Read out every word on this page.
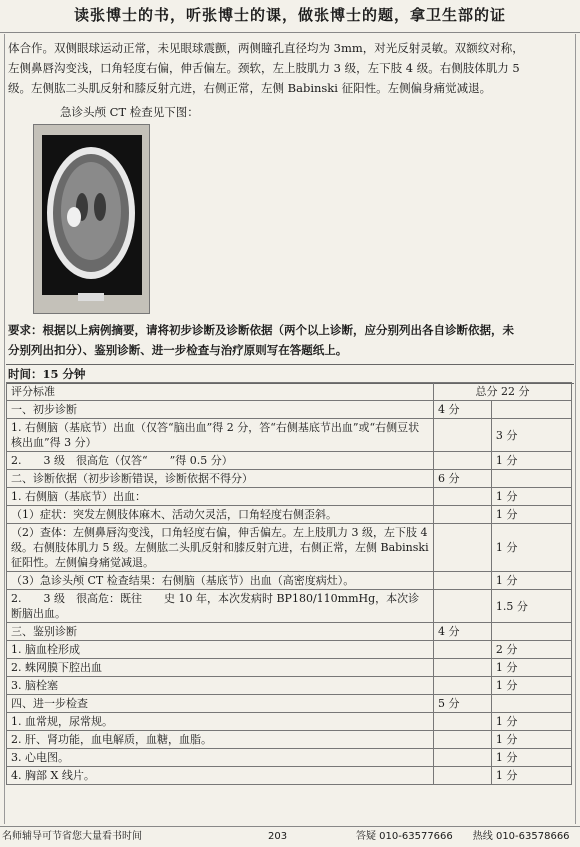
读张博士的书，听张博士的课，做张博士的题，拿卫生部的证

体合作。双侧眼球运动正常，未见眼球震颤，两侧瞳孔直径均为 3mm，对光反射灵敏。双额纹对称，

左侧鼻唇沟变浅，口角轻度右偏，伸舌偏左。颈软，左上肢肌力 3 级，左下肢 4 级。右侧肢体肌力 5

级。左侧肱二头肌反射和膝反射亢进，右侧正常，左侧 Babinski 征阳性。左侧偏身痛觉减退。

急诊头颅 CT 检查见下图：

要求：根据以上病例摘要，请将初步诊断及诊断依据（两个以上诊断，应分别列出各自诊断依据，未

分别列出扣分）、鉴别诊断、进一步检查与治疗原则写在答题纸上。

时间：15 分钟
评分标准	总分 22 分	
一、初步诊断	4 分	
1. 右侧脑（基底节）出血（仅答“脑出血”得 2 分，答“右侧基底节出血”或“右侧豆状核出血”得 3 分）		3 分
2.　　3 级　很高危（仅答“　　”得 0.5 分）		1 分
二、诊断依据（初步诊断错误，诊断依据不得分）	6 分	
1. 右侧脑（基底节）出血：		1 分
（1）症状：突发左侧肢体麻木、活动欠灵活，口角轻度右侧歪斜。		1 分
（2）查体：左侧鼻唇沟变浅，口角轻度右偏，伸舌偏左。左上肢肌力 3 级，左下肢 4 级。右侧肢体肌力 5 级。左侧肱二头肌反射和膝反射亢进，右侧正常，左侧 Babinski 征阳性。左侧偏身痛觉减退。		1 分
（3）急诊头颅 CT 检查结果：右侧脑（基底节）出血（高密度病灶）。		1 分
2.　　3 级　很高危：既往　　史 10 年，本次发病时 BP180/110mmHg，本次诊断脑出血。		1.5 分
三、鉴别诊断	4 分	
1. 脑血栓形成		2 分
2. 蛛网膜下腔出血		1 分
3. 脑栓塞		1 分
四、进一步检查	5 分	
1. 血常规，尿常规。		1 分
2. 肝、肾功能，血电解质，血糖，血脂。		1 分
3. 心电图。		1 分
4. 胸部 X 线片。		1 分
名师辅导可节省您大量看书时间	203	答疑 010-63577666　　热线 010-63578666
